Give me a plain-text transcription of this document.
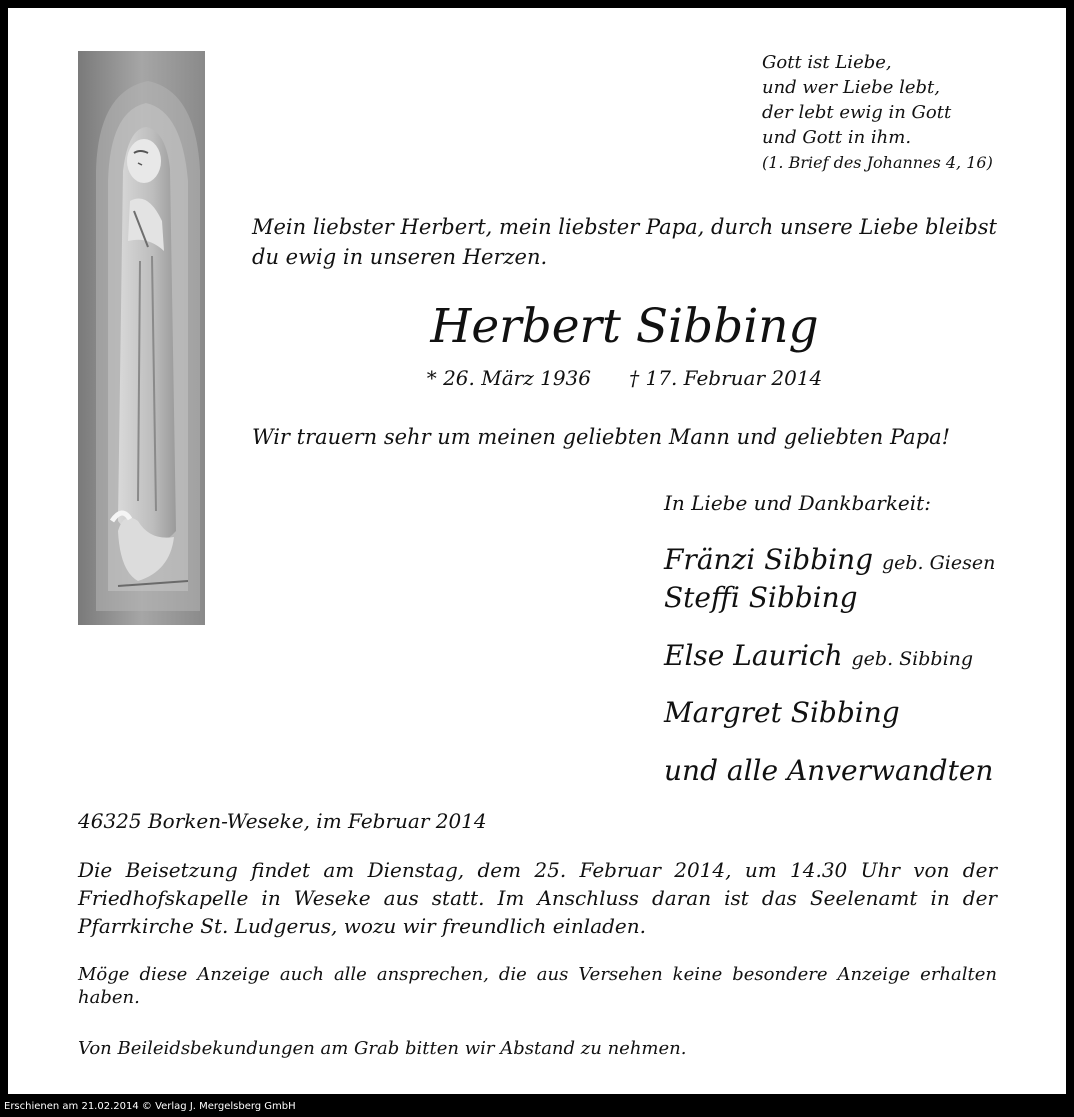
Gott ist Liebe,
und wer Liebe lebt,
der lebt ewig in Gott
und Gott in ihm.
(1. Brief des Johannes 4, 16)

Mein liebster Herbert, mein liebster Papa, durch unsere Liebe bleibst du ewig in unseren Herzen.

Herbert Sibbing
* 26. März 1936 † 17. Februar 2014
Wir trauern sehr um meinen geliebten Mann und geliebten Papa!
In Liebe und Dankbarkeit:
Fränzi Sibbing geb. Giesen
Steffi Sibbing
Else Laurich geb. Sibbing
Margret Sibbing
und alle Anverwandten
46325 Borken-Weseke, im Februar 2014

Die Beisetzung findet am Dienstag, dem 25. Februar 2014, um 14.30 Uhr von der Friedhofskapelle in Weseke aus statt. Im Anschluss daran ist das Seelenamt in der Pfarrkirche St. Ludgerus, wozu wir freundlich einladen.

Möge diese Anzeige auch alle ansprechen, die aus Versehen keine besondere Anzeige erhalten haben.

Von Beileidsbekundungen am Grab bitten wir Abstand zu nehmen.
Erschienen am 21.02.2014 © Verlag J. Mergelsberg GmbH
